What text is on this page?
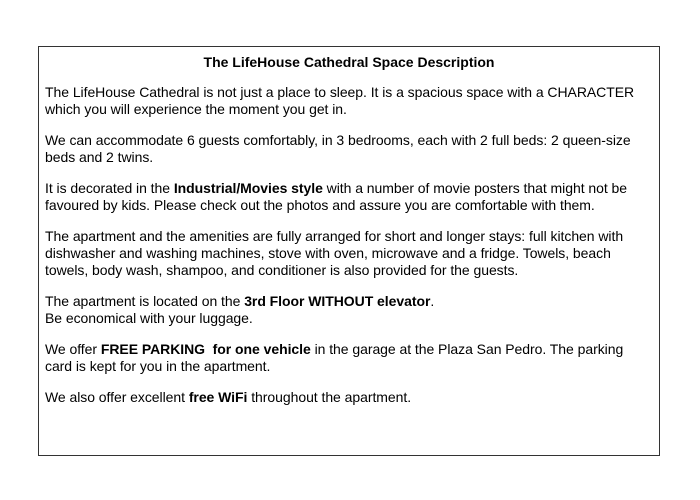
The LifeHouse Cathedral Space Description

The LifeHouse Cathedral is not just a place to sleep. It is a spacious space with a CHARACTER which you will experience the moment you get in.

We can accommodate 6 guests comfortably, in 3 bedrooms, each with 2 full beds: 2 queen-size beds and 2 twins.

It is decorated in the Industrial/Movies style with a number of movie posters that might not be favoured by kids. Please check out the photos and assure you are comfortable with them.

The apartment and the amenities are fully arranged for short and longer stays: full kitchen with dishwasher and washing machines, stove with oven, microwave and a fridge. Towels, beach towels, body wash, shampoo, and conditioner is also provided for the guests.

The apartment is located on the 3rd Floor WITHOUT elevator.
Be economical with your luggage.

We offer FREE PARKING  for one vehicle in the garage at the Plaza San Pedro. The parking card is kept for you in the apartment.

We also offer excellent free WiFi throughout the apartment.
